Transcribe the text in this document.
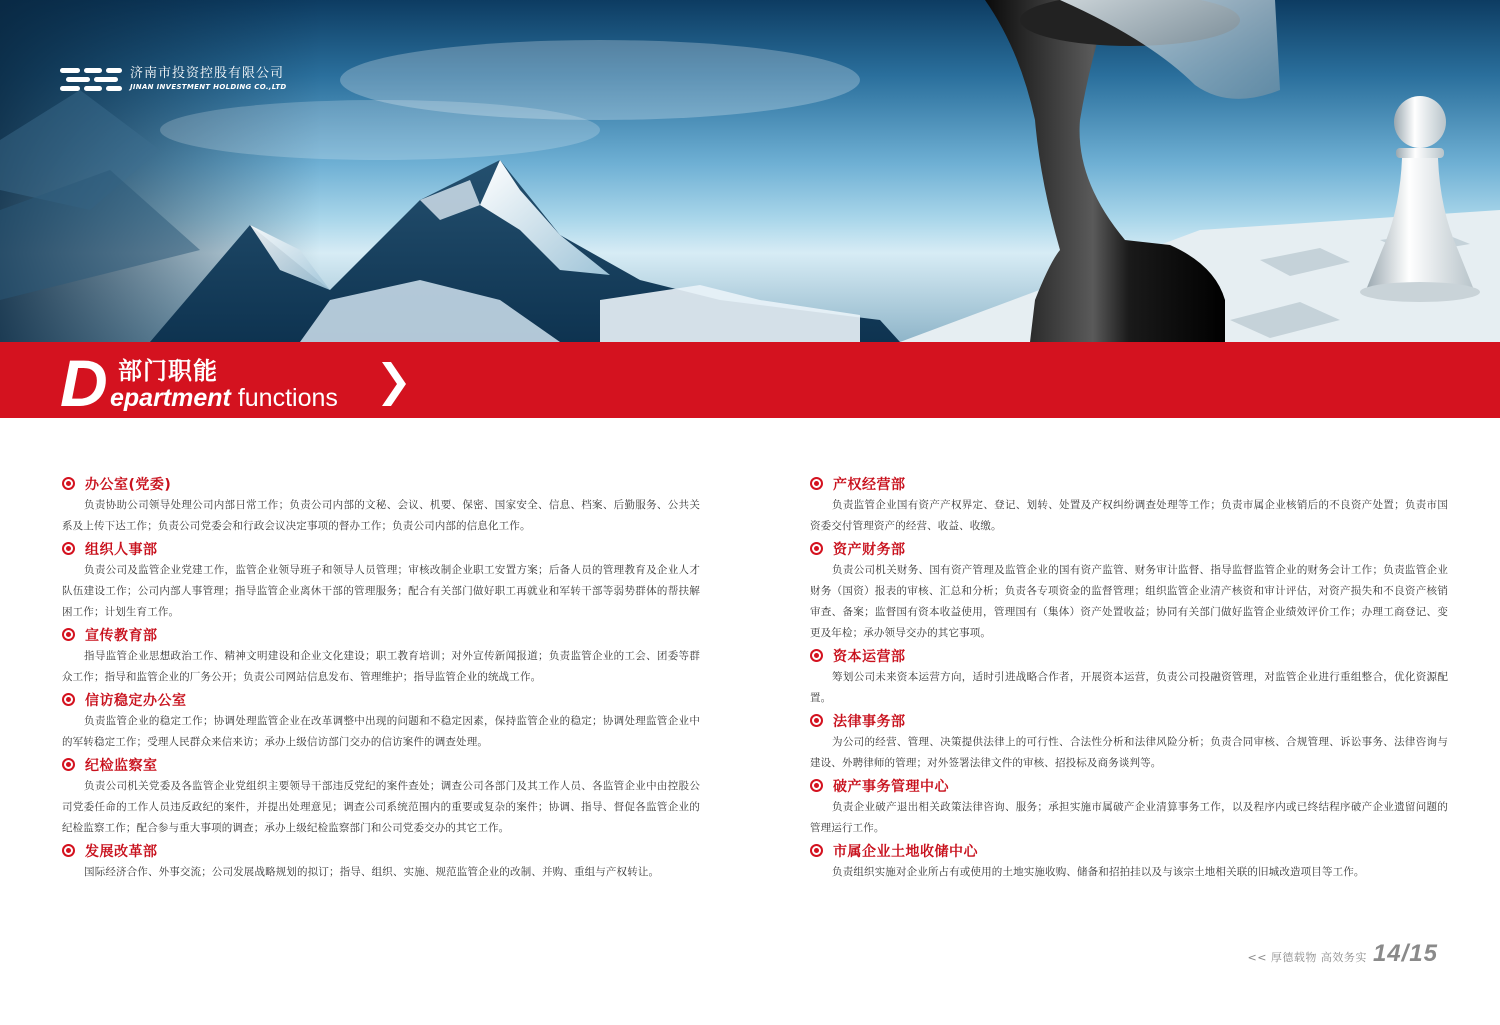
济南市投资控股有限公司
JINAN INVESTMENT HOLDING CO.,LTD
D 部门职能
epartment functions
办公室(党委)

负责协助公司领导处理公司内部日常工作；负责公司内部的文秘、会议、机要、保密、国家安全、信息、档案、后勤服务、公共关系及上传下达工作；负责公司党委会和行政会议决定事项的督办工作；负责公司内部的信息化工作。

组织人事部

负责公司及监管企业党建工作，监管企业领导班子和领导人员管理；审核改制企业职工安置方案；后备人员的管理教育及企业人才队伍建设工作；公司内部人事管理；指导监管企业离休干部的管理服务；配合有关部门做好职工再就业和军转干部等弱势群体的帮扶解困工作；计划生育工作。

宣传教育部

指导监管企业思想政治工作、精神文明建设和企业文化建设；职工教育培训；对外宣传新闻报道；负责监管企业的工会、团委等群众工作；指导和监管企业的厂务公开；负责公司网站信息发布、管理维护；指导监管企业的统战工作。

信访稳定办公室

负责监管企业的稳定工作；协调处理监管企业在改革调整中出现的问题和不稳定因素，保持监管企业的稳定；协调处理监管企业中的军转稳定工作；受理人民群众来信来访；承办上级信访部门交办的信访案件的调查处理。

纪检监察室

负责公司机关党委及各监管企业党组织主要领导干部违反党纪的案件查处；调查公司各部门及其工作人员、各监管企业中由控股公司党委任命的工作人员违反政纪的案件，并提出处理意见；调查公司系统范围内的重要或复杂的案件；协调、指导、督促各监管企业的纪检监察工作；配合参与重大事项的调查；承办上级纪检监察部门和公司党委交办的其它工作。

发展改革部

国际经济合作、外事交流；公司发展战略规划的拟订；指导、组织、实施、规范监管企业的改制、并购、重组与产权转让。

产权经营部

负责监管企业国有资产产权界定、登记、划转、处置及产权纠纷调查处理等工作；负责市属企业核销后的不良资产处置；负责市国资委交付管理资产的经营、收益、收缴。

资产财务部

负责公司机关财务、国有资产管理及监管企业的国有资产监管、财务审计监督、指导监督监管企业的财务会计工作；负责监管企业财务（国资）报表的审核、汇总和分析；负责各专项资金的监督管理；组织监管企业清产核资和审计评估，对资产损失和不良资产核销审查、备案；监督国有资本收益使用，管理国有（集体）资产处置收益；协同有关部门做好监管企业绩效评价工作；办理工商登记、变更及年检；承办领导交办的其它事项。

资本运营部

筹划公司未来资本运营方向，适时引进战略合作者，开展资本运营，负责公司投融资管理，对监管企业进行重组整合，优化资源配置。

法律事务部

为公司的经营、管理、决策提供法律上的可行性、合法性分析和法律风险分析；负责合同审核、合规管理、诉讼事务、法律咨询与建设、外聘律师的管理；对外签署法律文件的审核、招投标及商务谈判等。

破产事务管理中心

负责企业破产退出相关政策法律咨询、服务；承担实施市属破产企业清算事务工作，以及程序内或已终结程序破产企业遗留问题的管理运行工作。

市属企业土地收储中心

负责组织实施对企业所占有或使用的土地实施收购、储备和招拍挂以及与该宗土地相关联的旧城改造项目等工作。

<< 厚德载物 高效务实 14/15
